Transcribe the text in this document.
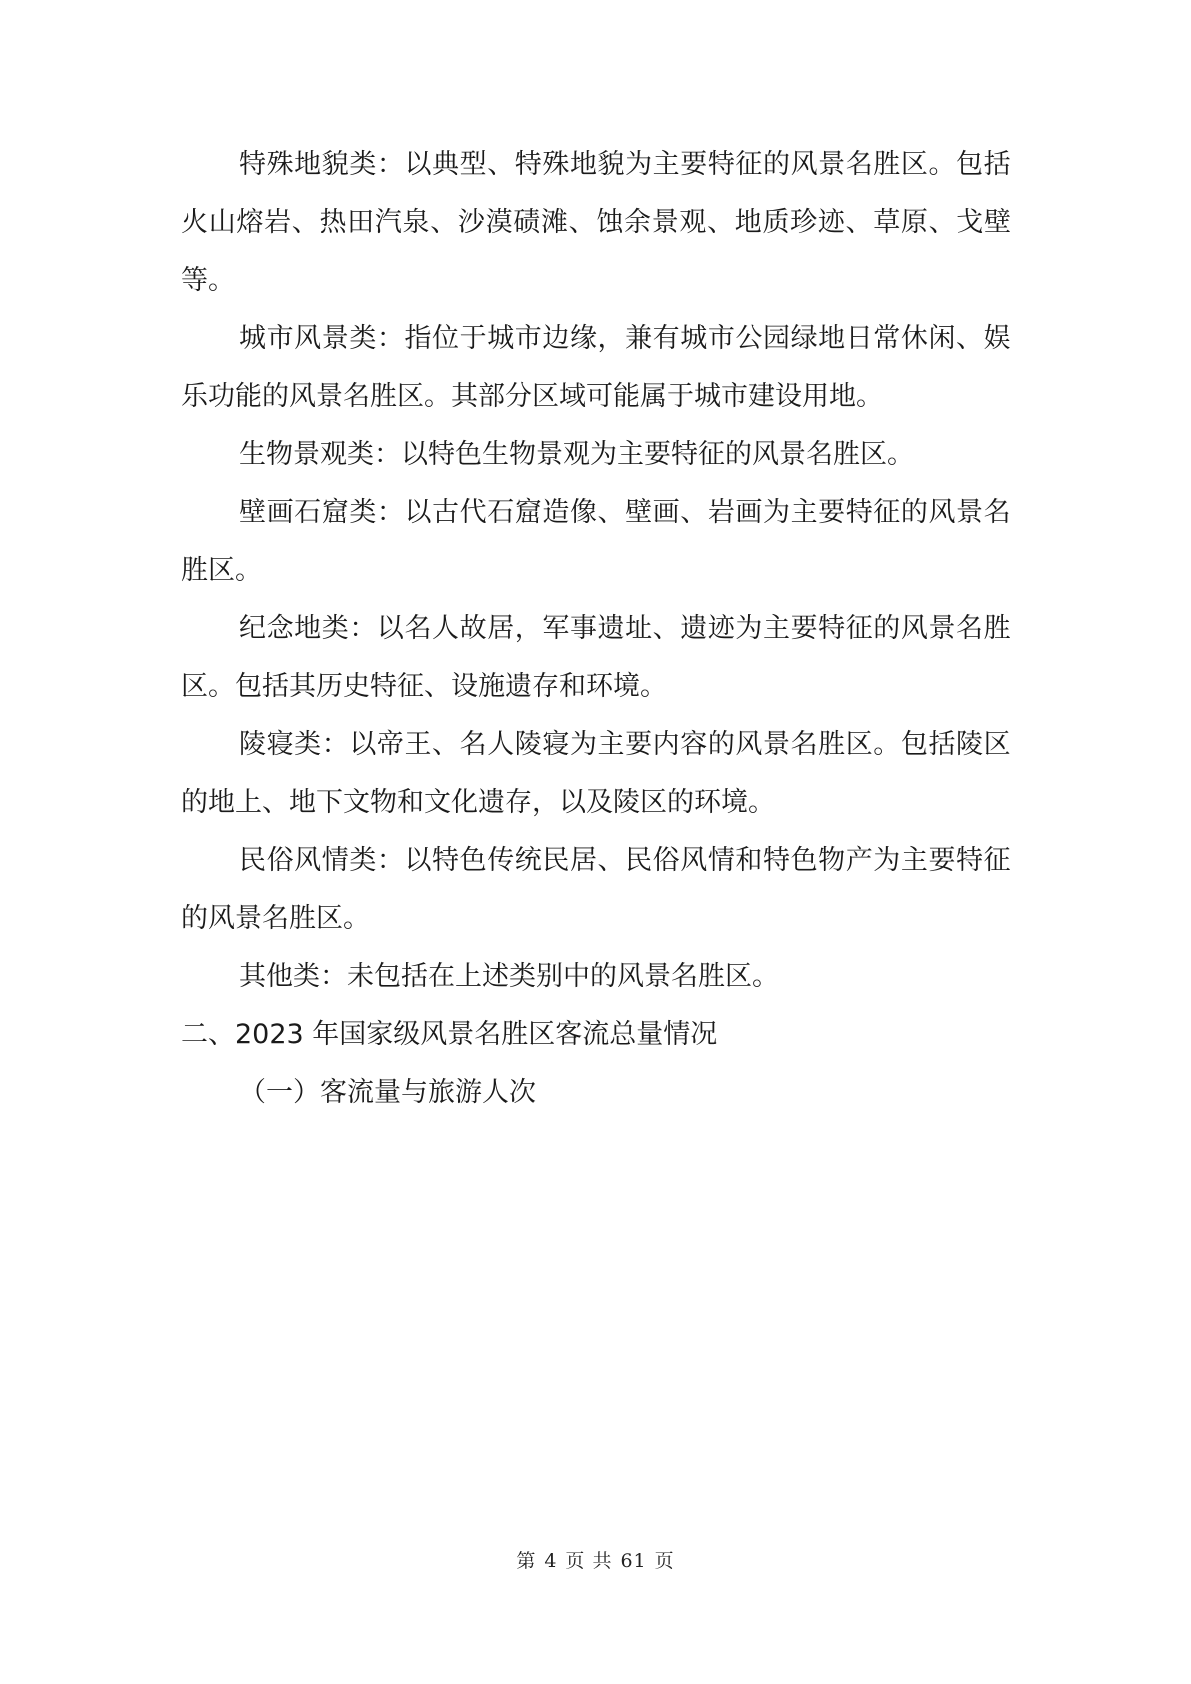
特 殊 地 貌 类 ： 以 典 型 、 特 殊 地 貌 为 主 要 特 征 的 风 景 名 胜 区 。 包 括
火 山 熔 岩 、 热 田 汽 泉 、 沙 漠 碛 滩 、 蚀 余 景 观 、 地 质 珍 迹 、 草 原 、 戈 壁
等。
城 市 风 景 类 ： 指 位 于 城 市 边 缘 ， 兼 有 城 市 公 园 绿 地 日 常 休 闲 、 娱
乐功能的风景名胜区。其部分区域可能属于城市建设用地。
生物景观类：以特色生物景观为主要特征的风景名胜区。
壁 画 石 窟 类 ： 以 古 代 石 窟 造 像 、 壁 画 、 岩 画 为 主 要 特 征 的 风 景 名
胜区。
纪 念 地 类 ： 以 名 人 故 居 ， 军 事 遗 址 、 遗 迹 为 主 要 特 征 的 风 景 名 胜
区。包括其历史特征、设施遗存和环境。
陵 寝 类 ： 以 帝 王 、 名 人 陵 寝 为 主 要 内 容 的 风 景 名 胜 区 。 包 括 陵 区
的地上、地下文物和文化遗存，以及陵区的环境。
民 俗 风 情 类 ： 以 特 色 传 统 民 居 、 民 俗 风 情 和 特 色 物 产 为 主 要 特 征
的风景名胜区。
其他类：未包括在上述类别中的风景名胜区。
二、2023 年国家级风景名胜区客流总量情况
（一）客流量与旅游人次
第 4 页 共 61 页
